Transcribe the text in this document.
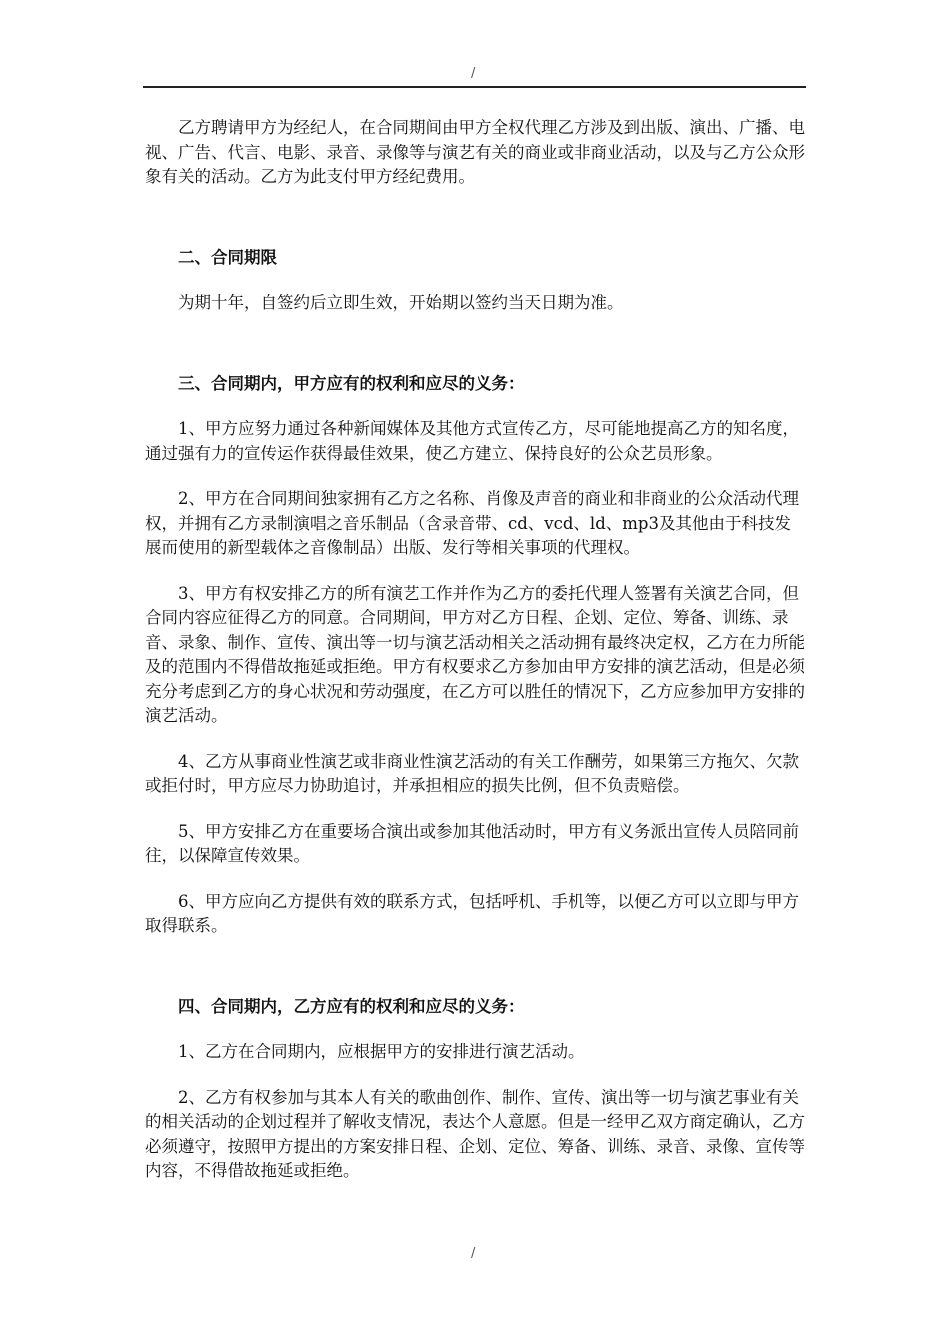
/

乙方聘请甲方为经纪人，在合同期间由甲方全权代理乙方涉及到出版、演出、广播、电视、广告、代言、电影、录音、录像等与演艺有关的商业或非商业活动，以及与乙方公众形象有关的活动。乙方为此支付甲方经纪费用。

二、合同期限

为期十年，自签约后立即生效，开始期以签约当天日期为准。

三、合同期内，甲方应有的权利和应尽的义务：

1、甲方应努力通过各种新闻媒体及其他方式宣传乙方，尽可能地提高乙方的知名度，通过强有力的宣传运作获得最佳效果，使乙方建立、保持良好的公众艺员形象。

2、甲方在合同期间独家拥有乙方之名称、肖像及声音的商业和非商业的公众活动代理权，并拥有乙方录制演唱之音乐制品（含录音带、cd、vcd、ld、mp3及其他由于科技发展而使用的新型载体之音像制品）出版、发行等相关事项的代理权。

3、甲方有权安排乙方的所有演艺工作并作为乙方的委托代理人签署有关演艺合同，但合同内容应征得乙方的同意。合同期间，甲方对乙方日程、企划、定位、筹备、训练、录音、录象、制作、宣传、演出等一切与演艺活动相关之活动拥有最终决定权，乙方在力所能及的范围内不得借故拖延或拒绝。甲方有权要求乙方参加由甲方安排的演艺活动，但是必须充分考虑到乙方的身心状况和劳动强度，在乙方可以胜任的情况下，乙方应参加甲方安排的演艺活动。

4、乙方从事商业性演艺或非商业性演艺活动的有关工作酬劳，如果第三方拖欠、欠款或拒付时，甲方应尽力协助追讨，并承担相应的损失比例，但不负责赔偿。

5、甲方安排乙方在重要场合演出或参加其他活动时，甲方有义务派出宣传人员陪同前往，以保障宣传效果。

6、甲方应向乙方提供有效的联系方式，包括呼机、手机等，以便乙方可以立即与甲方取得联系。

四、合同期内，乙方应有的权利和应尽的义务：

1、乙方在合同期内，应根据甲方的安排进行演艺活动。

2、乙方有权参加与其本人有关的歌曲创作、制作、宣传、演出等一切与演艺事业有关的相关活动的企划过程并了解收支情况，表达个人意愿。但是一经甲乙双方商定确认，乙方必须遵守，按照甲方提出的方案安排日程、企划、定位、筹备、训练、录音、录像、宣传等内容，不得借故拖延或拒绝。

/
